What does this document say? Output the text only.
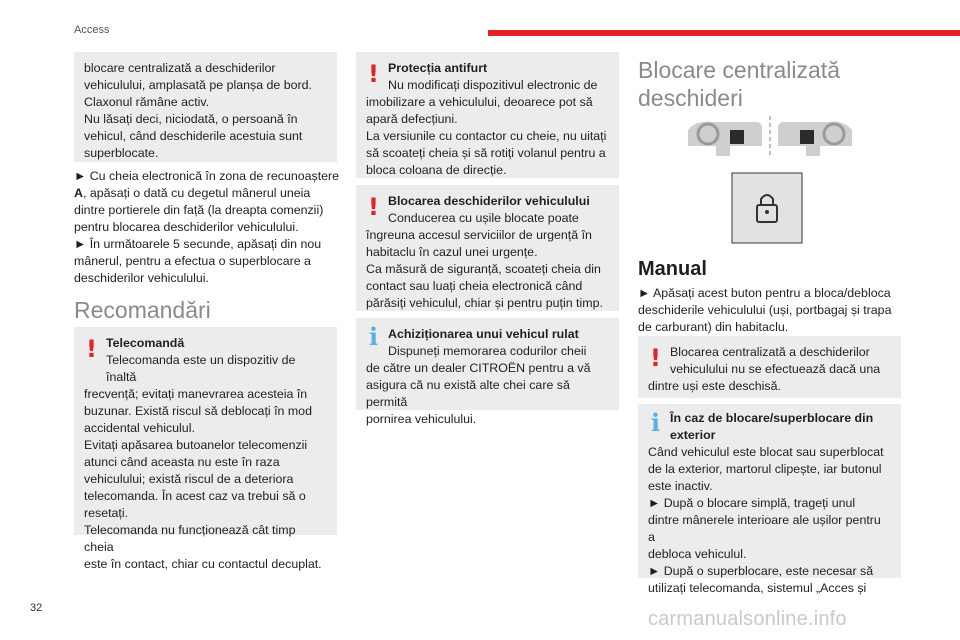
Access

blocare centralizată a deschiderilor

vehiculului, amplasată pe planșa de bord.

Claxonul rămâne activ.

Nu lăsați deci, niciodată, o persoană în

vehicul, când deschiderile acestuia sunt

superblocate.

► Cu cheia electronică în zona de recunoaștere

A, apăsați o dată cu degetul mânerul uneia

dintre portierele din față (la dreapta comenzii)

pentru blocarea deschiderilor vehiculului.

► În următoarele 5 secunde, apăsați din nou

mânerul, pentru a efectua o superblocare a

deschiderilor vehiculului.

Recomandări
! Telecomandă

Telecomanda este un dispozitiv de înaltă

frecvență; evitați manevrarea acesteia în

buzunar. Există riscul să deblocați în mod

accidental vehiculul.

Evitați apăsarea butoanelor telecomenzii

atunci când aceasta nu este în raza

vehiculului; există riscul de a deteriora

telecomanda. În acest caz va trebui să o

resetați.

Telecomanda nu funcționează cât timp cheia

este în contact, chiar cu contactul decuplat.

! Protecția antifurt

Nu modificați dispozitivul electronic de

imobilizare a vehiculului, deoarece pot să

apară defecțiuni.

La versiunile cu contactor cu cheie, nu uitați

să scoateți cheia și să rotiți volanul pentru a

bloca coloana de direcție.

! Blocarea deschiderilor vehiculului

Conducerea cu ușile blocate poate

îngreuna accesul serviciilor de urgență în

habitaclu în cazul unei urgențe.

Ca măsură de siguranță, scoateți cheia din

contact sau luați cheia electronică când

părăsiți vehiculul, chiar și pentru puțin timp.

i Achiziționarea unui vehicul rulat

Dispuneți memorarea codurilor cheii

de către un dealer CITROËN pentru a vă

asigura că nu există alte chei care să permită

pornirea vehiculului.

Blocare centralizată
deschideri
Manual

► Apăsați acest buton pentru a bloca/debloca

deschiderile vehiculului (uși, portbagaj și trapa

de carburant) din habitaclu.

! Blocarea centralizată a deschiderilor

vehiculului nu se efectuează dacă una

dintre uși este deschisă.

i În caz de blocare/superblocare din

exterior

Când vehiculul este blocat sau superblocat

de la exterior, martorul clipește, iar butonul

este inactiv.

► După o blocare simplă, trageți unul

dintre mânerele interioare ale ușilor pentru a

debloca vehiculul.

► După o superblocare, este necesar să

utilizați telecomanda, sistemul „Acces și

32	carmanualsonline.info
